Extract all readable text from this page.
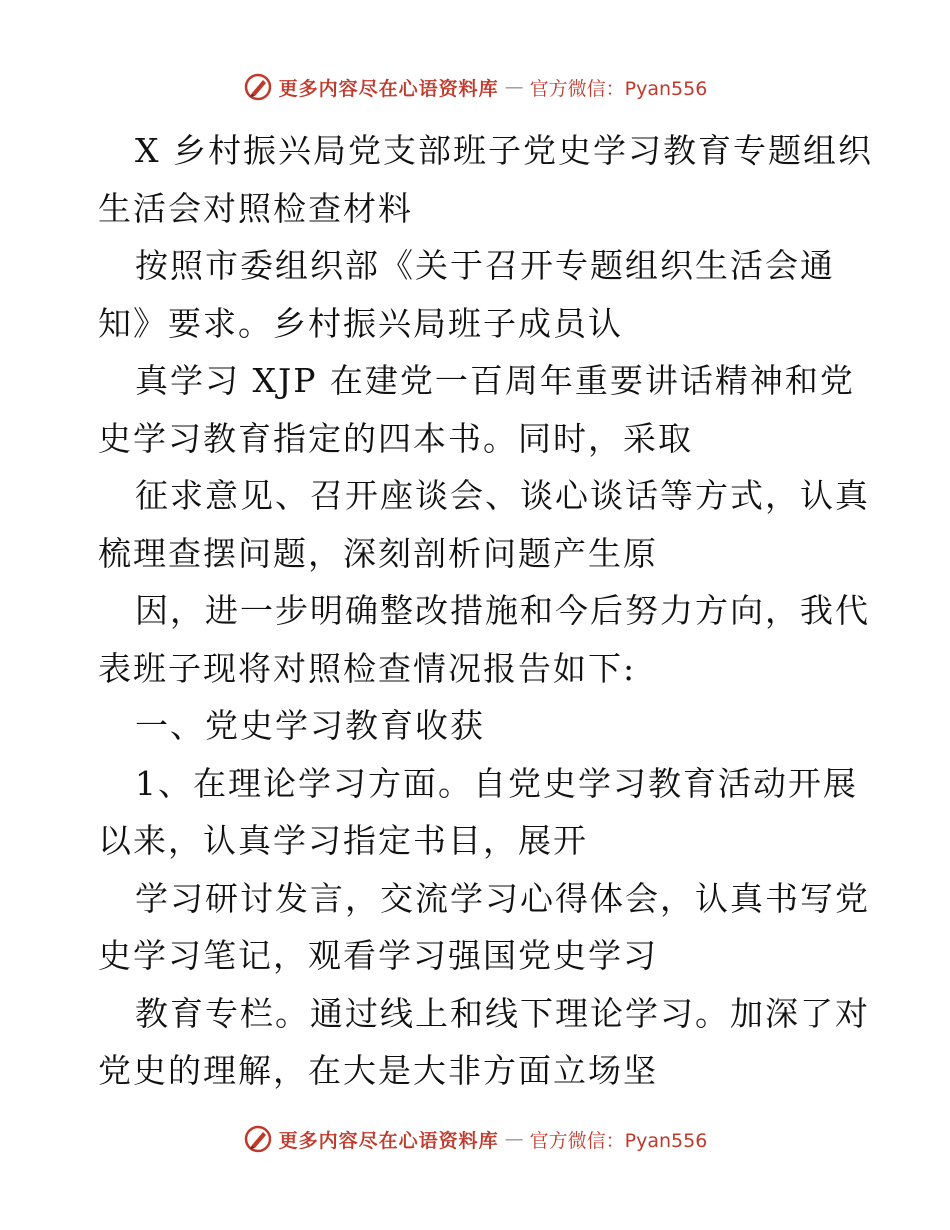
更多内容尽在心语资料库 — 官方微信：Pyan556
X 乡村振兴局党支部班子党史学习教育专题组织
生活会对照检查材料
按照市委组织部《关于召开专题组织生活会通
知》要求。乡村振兴局班子成员认
真学习 XJP 在建党一百周年重要讲话精神和党
史学习教育指定的四本书。同时，采取
征求意见、召开座谈会、谈心谈话等方式，认真
梳理查摆问题，深刻剖析问题产生原
因，进一步明确整改措施和今后努力方向，我代
表班子现将对照检查情况报告如下:
一、党史学习教育收获
1、在理论学习方面。自党史学习教育活动开展
以来，认真学习指定书目，展开
学习研讨发言，交流学习心得体会，认真书写党
史学习笔记，观看学习强国党史学习
教育专栏。通过线上和线下理论学习。加深了对
党史的理解，在大是大非方面立场坚
更多内容尽在心语资料库 — 官方微信：Pyan556
